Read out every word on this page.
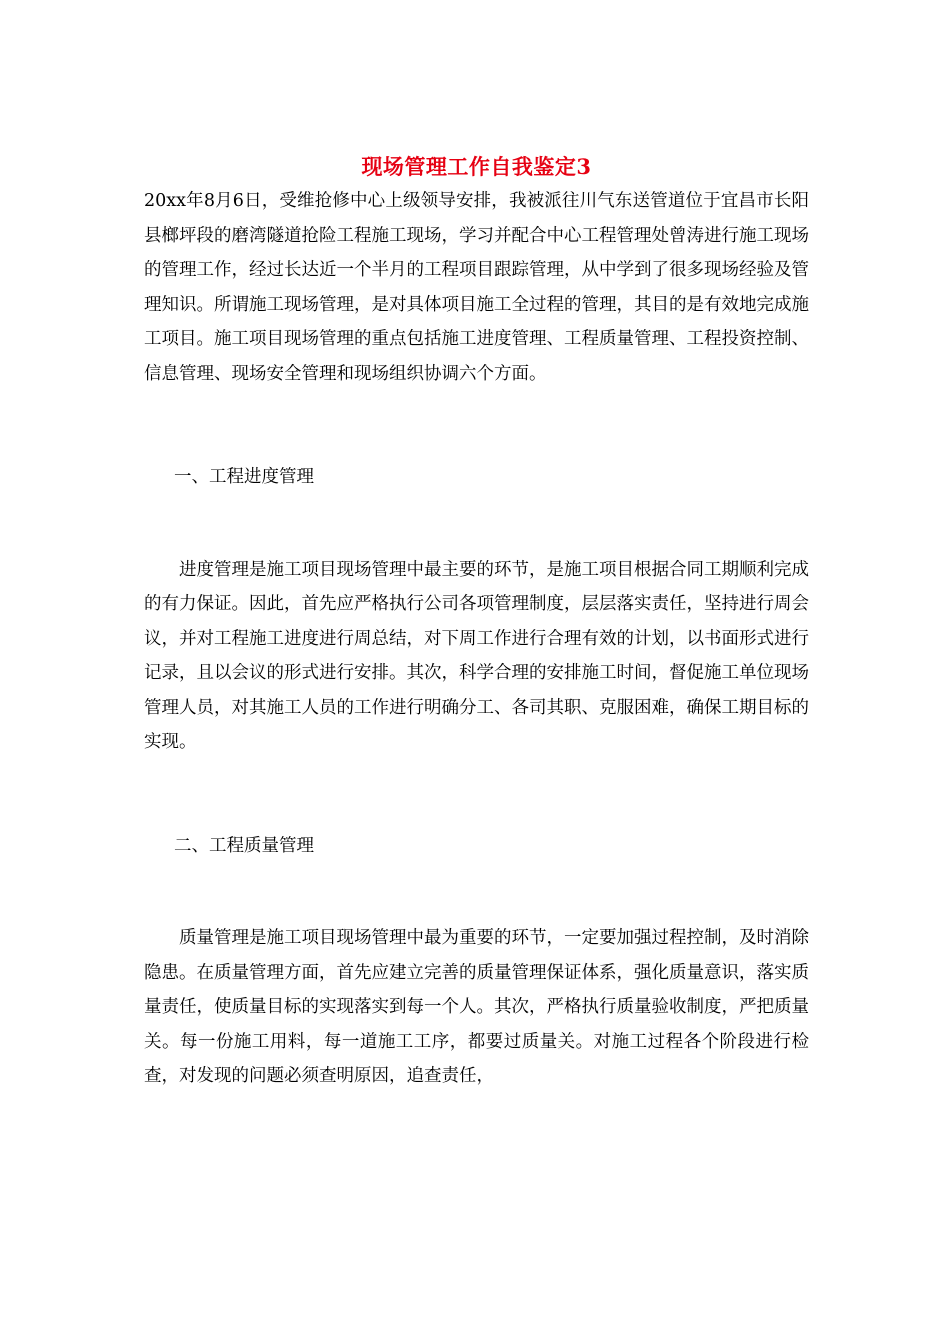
现场管理工作自我鉴定3

20xx年8月6日，受维抢修中心上级领导安排，我被派往川气东送管道位于宜昌市长阳县榔坪段的磨湾隧道抢险工程施工现场，学习并配合中心工程管理处曾涛进行施工现场的管理工作，经过长达近一个半月的工程项目跟踪管理，从中学到了很多现场经验及管理知识。所谓施工现场管理，是对具体项目施工全过程的管理，其目的是有效地完成施工项目。施工项目现场管理的重点包括施工进度管理、工程质量管理、工程投资控制、信息管理、现场安全管理和现场组织协调六个方面。

一、工程进度管理

进度管理是施工项目现场管理中最主要的环节，是施工项目根据合同工期顺利完成的有力保证。因此，首先应严格执行公司各项管理制度，层层落实责任，坚持进行周会议，并对工程施工进度进行周总结，对下周工作进行合理有效的计划，以书面形式进行记录，且以会议的形式进行安排。其次，科学合理的安排施工时间，督促施工单位现场管理人员，对其施工人员的工作进行明确分工、各司其职、克服困难，确保工期目标的实现。

二、工程质量管理

质量管理是施工项目现场管理中最为重要的环节，一定要加强过程控制，及时消除隐患。在质量管理方面，首先应建立完善的质量管理保证体系，强化质量意识，落实质量责任，使质量目标的实现落实到每一个人。其次，严格执行质量验收制度，严把质量关。每一份施工用料，每一道施工工序，都要过质量关。对施工过程各个阶段进行检查，对发现的问题必须查明原因，追查责任，
